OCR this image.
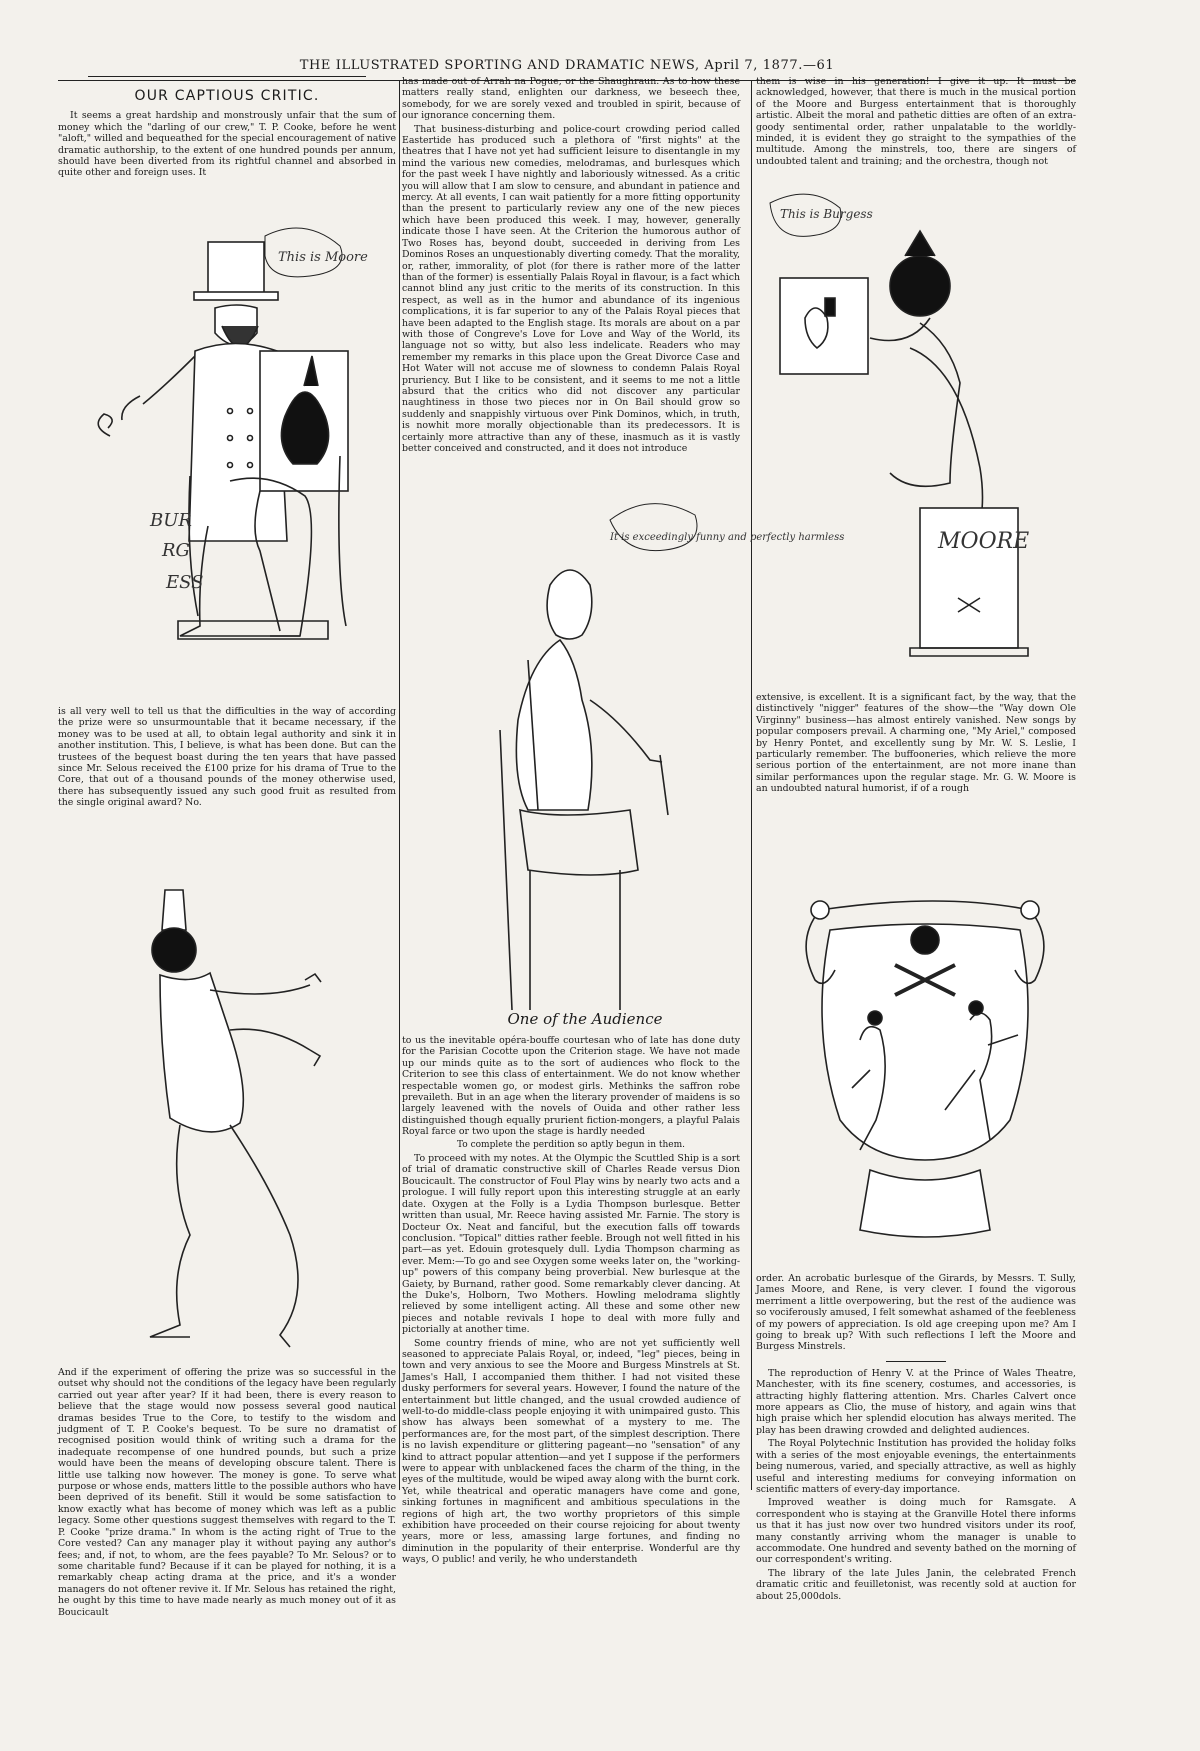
THE ILLUSTRATED SPORTING AND DRAMATIC NEWS, April 7, 1877.—61
OUR CAPTIOUS CRITIC.

It seems a great hardship and monstrously unfair that the sum of money which the "darling of our crew," T. P. Cooke, before he went "aloft," willed and bequeathed for the special encouragement of native dramatic authorship, to the extent of one hundred pounds per annum, should have been diverted from its rightful channel and absorbed in quite other and foreign uses. It

BUR
RG
ESS
This is Moore

is all very well to tell us that the difficulties in the way of according the prize were so unsurmountable that it became necessary, if the money was to be used at all, to obtain legal authority and sink it in another institution. This, I believe, is what has been done. But can the trustees of the bequest boast during the ten years that have passed since Mr. Selous received the £100 prize for his drama of True to the Core, that out of a thousand pounds of the money otherwise used, there has subsequently issued any such good fruit as resulted from the single original award? No.

And if the experiment of offering the prize was so successful in the outset why should not the conditions of the legacy have been regularly carried out year after year? If it had been, there is every reason to believe that the stage would now possess several good nautical dramas besides True to the Core, to testify to the wisdom and judgment of T. P. Cooke's bequest. To be sure no dramatist of recognised position would think of writing such a drama for the inadequate recompense of one hundred pounds, but such a prize would have been the means of developing obscure talent. There is little use talking now however. The money is gone. To serve what purpose or whose ends, matters little to the possible authors who have been deprived of its benefit. Still it would be some satisfaction to know exactly what has become of money which was left as a public legacy. Some other questions suggest themselves with regard to the T. P. Cooke "prize drama." In whom is the acting right of True to the Core vested? Can any manager play it without paying any author's fees; and, if not, to whom, are the fees payable? To Mr. Selous? or to some charitable fund? Because if it can be played for nothing, it is a remarkably cheap acting drama at the price, and it's a wonder managers do not oftener revive it. If Mr. Selous has retained the right, he ought by this time to have made nearly as much money out of it as Boucicault

has made out of Arrah na Pogue, or the Shaughraun. As to how these matters really stand, enlighten our darkness, we beseech thee, somebody, for we are sorely vexed and troubled in spirit, because of our ignorance concerning them.

That business-disturbing and police-court crowding period called Eastertide has produced such a plethora of "first nights" at the theatres that I have not yet had sufficient leisure to disentangle in my mind the various new comedies, melodramas, and burlesques which for the past week I have nightly and laboriously witnessed. As a critic you will allow that I am slow to censure, and abundant in patience and mercy. At all events, I can wait patiently for a more fitting opportunity than the present to particularly review any one of the new pieces which have been produced this week. I may, however, generally indicate those I have seen. At the Criterion the humorous author of Two Roses has, beyond doubt, succeeded in deriving from Les Dominos Roses an unquestionably diverting comedy. That the morality, or, rather, immorality, of plot (for there is rather more of the latter than of the former) is essentially Palais Royal in flavour, is a fact which cannot blind any just critic to the merits of its construction. In this respect, as well as in the humor and abundance of its ingenious complications, it is far superior to any of the Palais Royal pieces that have been adapted to the English stage. Its morals are about on a par with those of Congreve's Love for Love and Way of the World, its language not so witty, but also less indelicate. Readers who may remember my remarks in this place upon the Great Divorce Case and Hot Water will not accuse me of slowness to condemn Palais Royal pruriency. But I like to be consistent, and it seems to me not a little absurd that the critics who did not discover any particular naughtiness in those two pieces nor in On Bail should grow so suddenly and snappishly virtuous over Pink Dominos, which, in truth, is nowhit more morally objectionable than its predecessors. It is certainly more attractive than any of these, inasmuch as it is vastly better conceived and constructed, and it does not introduce

It is exceedingly funny and perfectly harmless
One of the Audience

to us the inevitable opéra-bouffe courtesan who of late has done duty for the Parisian Cocotte upon the Criterion stage. We have not made up our minds quite as to the sort of audiences who flock to the Criterion to see this class of entertainment. We do not know whether respectable women go, or modest girls. Methinks the saffron robe prevaileth. But in an age when the literary provender of maidens is so largely leavened with the novels of Ouida and other rather less distinguished though equally prurient fiction-mongers, a playful Palais Royal farce or two upon the stage is hardly needed

To complete the perdition so aptly begun in them.

To proceed with my notes. At the Olympic the Scuttled Ship is a sort of trial of dramatic constructive skill of Charles Reade versus Dion Boucicault. The constructor of Foul Play wins by nearly two acts and a prologue. I will fully report upon this interesting struggle at an early date. Oxygen at the Folly is a Lydia Thompson burlesque. Better written than usual, Mr. Reece having assisted Mr. Farnie. The story is Docteur Ox. Neat and fanciful, but the execution falls off towards conclusion. "Topical" ditties rather feeble. Brough not well fitted in his part—as yet. Edouin grotesquely dull. Lydia Thompson charming as ever. Mem:—To go and see Oxygen some weeks later on, the "working-up" powers of this company being proverbial. New burlesque at the Gaiety, by Burnand, rather good. Some remarkably clever dancing. At the Duke's, Holborn, Two Mothers. Howling melodrama slightly relieved by some intelligent acting. All these and some other new pieces and notable revivals I hope to deal with more fully and pictorially at another time.

Some country friends of mine, who are not yet sufficiently well seasoned to appreciate Palais Royal, or, indeed, "leg" pieces, being in town and very anxious to see the Moore and Burgess Minstrels at St. James's Hall, I accompanied them thither. I had not visited these dusky performers for several years. However, I found the nature of the entertainment but little changed, and the usual crowded audience of well-to-do middle-class people enjoying it with unimpaired gusto. This show has always been somewhat of a mystery to me. The performances are, for the most part, of the simplest description. There is no lavish expenditure or glittering pageant—no "sensation" of any kind to attract popular attention—and yet I suppose if the performers were to appear with unblackened faces the charm of the thing, in the eyes of the multitude, would be wiped away along with the burnt cork. Yet, while theatrical and operatic managers have come and gone, sinking fortunes in magnificent and ambitious speculations in the regions of high art, the two worthy proprietors of this simple exhibition have proceeded on their course rejoicing for about twenty years, more or less, amassing large fortunes, and finding no diminution in the popularity of their enterprise. Wonderful are thy ways, O public! and verily, he who understandeth

them is wise in his generation! I give it up. It must be acknowledged, however, that there is much in the musical portion of the Moore and Burgess entertainment that is thoroughly artistic. Albeit the moral and pathetic ditties are often of an extra-goody sentimental order, rather unpalatable to the worldly-minded, it is evident they go straight to the sympathies of the multitude. Among the minstrels, too, there are singers of undoubted talent and training; and the orchestra, though not

This is Burgess
MOORE

extensive, is excellent. It is a significant fact, by the way, that the distinctively "nigger" features of the show—the "Way down Ole Virginny" business—has almost entirely vanished. New songs by popular composers prevail. A charming one, "My Ariel," composed by Henry Pontet, and excellently sung by Mr. W. S. Leslie, I particularly remember. The buffooneries, which relieve the more serious portion of the entertainment, are not more inane than similar performances upon the regular stage. Mr. G. W. Moore is an undoubted natural humorist, if of a rough

order. An acrobatic burlesque of the Girards, by Messrs. T. Sully, James Moore, and Rene, is very clever. I found the vigorous merriment a little overpowering, but the rest of the audience was so vociferously amused, I felt somewhat ashamed of the feebleness of my powers of appreciation. Is old age creeping upon me? Am I going to break up? With such reflections I left the Moore and Burgess Minstrels.

The reproduction of Henry V. at the Prince of Wales Theatre, Manchester, with its fine scenery, costumes, and accessories, is attracting highly flattering attention. Mrs. Charles Calvert once more appears as Clio, the muse of history, and again wins that high praise which her splendid elocution has always merited. The play has been drawing crowded and delighted audiences.

The Royal Polytechnic Institution has provided the holiday folks with a series of the most enjoyable evenings, the entertainments being numerous, varied, and specially attractive, as well as highly useful and interesting mediums for conveying information on scientific matters of every-day importance.

Improved weather is doing much for Ramsgate. A correspondent who is staying at the Granville Hotel there informs us that it has just now over two hundred visitors under its roof, many constantly arriving whom the manager is unable to accommodate. One hundred and seventy bathed on the morning of our correspondent's writing.

The library of the late Jules Janin, the celebrated French dramatic critic and feuilletonist, was recently sold at auction for about 25,000dols.
